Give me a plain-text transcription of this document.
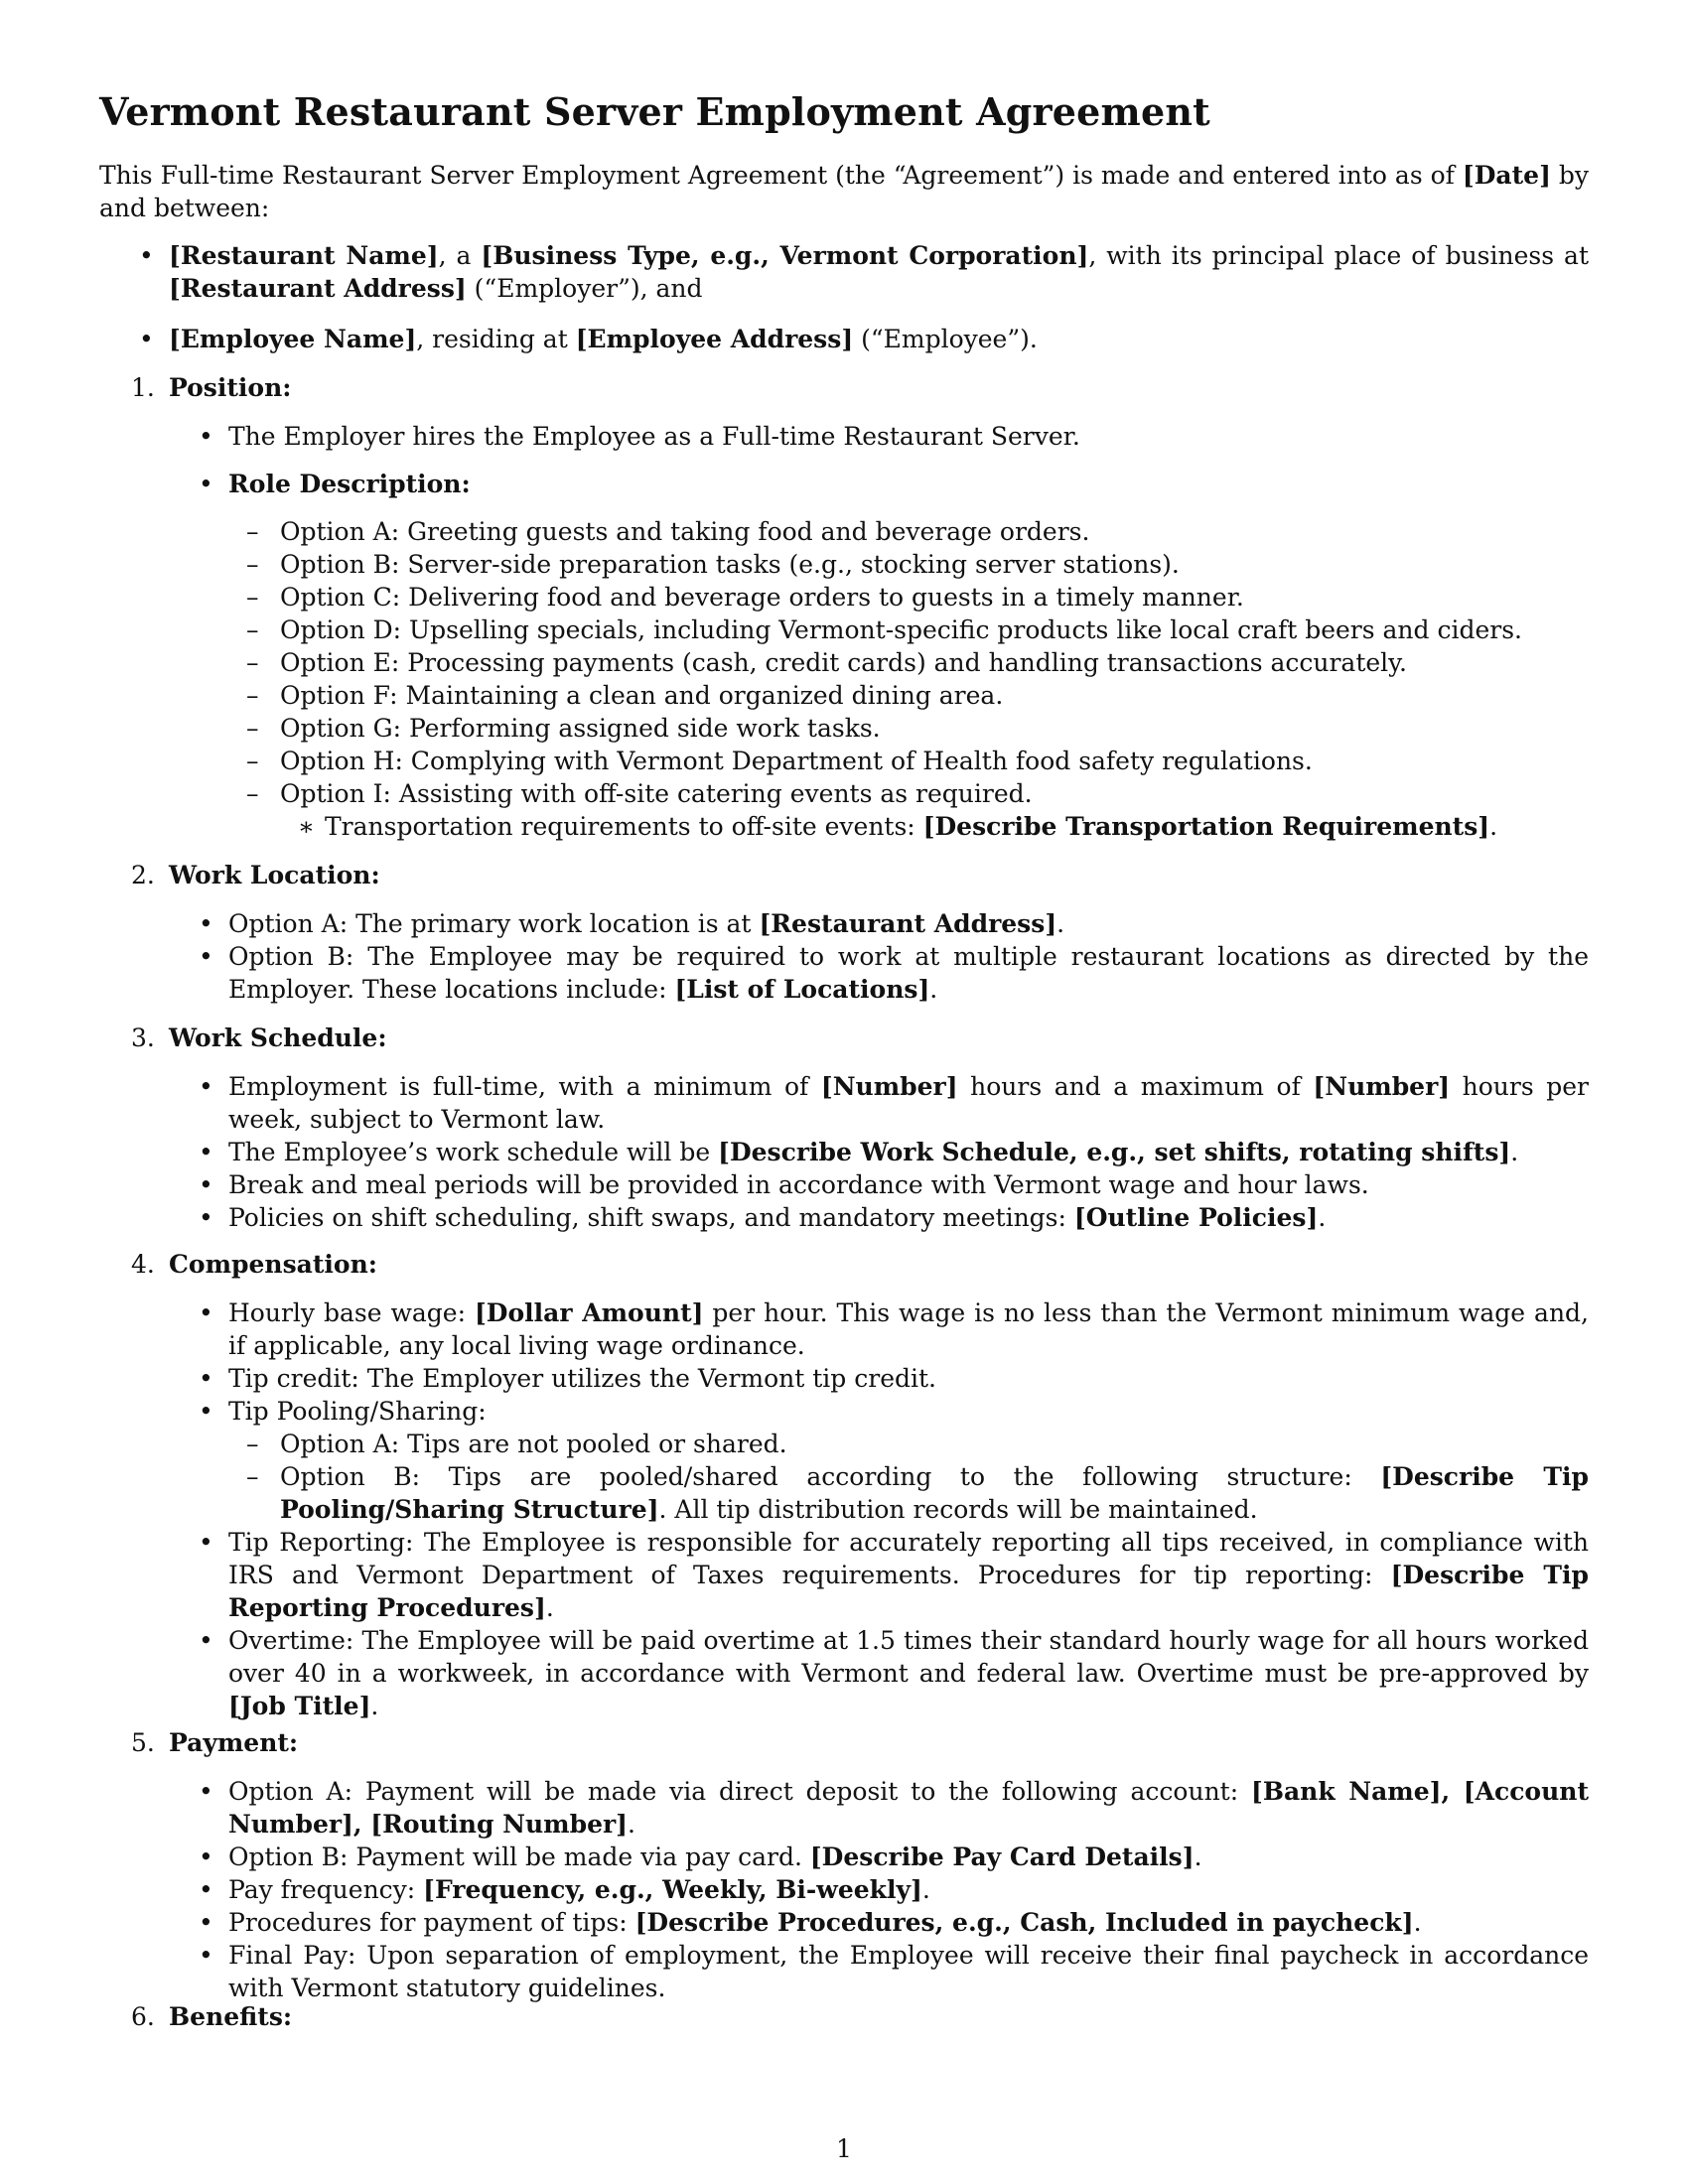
Vermont Restaurant Server Employment Agreement

This Full-time Restaurant Server Employment Agreement (the “Agreement”) is made and entered into as of [Date] by and between:

• [Restaurant Name], a [Business Type, e.g., Vermont Corporation], with its principal place of business at [Restaurant Address] (“Employer”), and
• [Employee Name], residing at [Employee Address] (“Employee”).
1. Position:
• The Employer hires the Employee as a Full-time Restaurant Server.
• Role Description:
– Option A: Greeting guests and taking food and beverage orders.
– Option B: Server-side preparation tasks (e.g., stocking server stations).
– Option C: Delivering food and beverage orders to guests in a timely manner.
– Option D: Upselling specials, including Vermont-specific products like local craft beers and ciders.
– Option E: Processing payments (cash, credit cards) and handling transactions accurately.
– Option F: Maintaining a clean and organized dining area.
– Option G: Performing assigned side work tasks.
– Option H: Complying with Vermont Department of Health food safety regulations.
– Option I: Assisting with off-site catering events as required.
∗ Transportation requirements to off-site events: [Describe Transportation Requirements].
2. Work Location:
• Option A: The primary work location is at [Restaurant Address].
• Option B: The Employee may be required to work at multiple restaurant locations as directed by the Employer. These locations include: [List of Locations].
3. Work Schedule:
• Employment is full-time, with a minimum of [Number] hours and a maximum of [Number] hours per week, subject to Vermont law.
• The Employee’s work schedule will be [Describe Work Schedule, e.g., set shifts, rotating shifts].
• Break and meal periods will be provided in accordance with Vermont wage and hour laws.
• Policies on shift scheduling, shift swaps, and mandatory meetings: [Outline Policies].
4. Compensation:
• Hourly base wage: [Dollar Amount] per hour. This wage is no less than the Vermont minimum wage and, if applicable, any local living wage ordinance.
• Tip credit: The Employer utilizes the Vermont tip credit.
• Tip Pooling/Sharing:
– Option A: Tips are not pooled or shared.
– Option B: Tips are pooled/shared according to the following structure: [Describe Tip Pooling/Sharing Structure]. All tip distribution records will be maintained.
• Tip Reporting: The Employee is responsible for accurately reporting all tips received, in compliance with IRS and Vermont Department of Taxes requirements. Procedures for tip reporting: [Describe Tip Reporting Procedures].
• Overtime: The Employee will be paid overtime at 1.5 times their standard hourly wage for all hours worked over 40 in a workweek, in accordance with Vermont and federal law. Overtime must be pre-approved by [Job Title].
5. Payment:
• Option A: Payment will be made via direct deposit to the following account: [Bank Name], [Account Number], [Routing Number].
• Option B: Payment will be made via pay card. [Describe Pay Card Details].
• Pay frequency: [Frequency, e.g., Weekly, Bi-weekly].
• Procedures for payment of tips: [Describe Procedures, e.g., Cash, Included in paycheck].
• Final Pay: Upon separation of employment, the Employee will receive their final paycheck in accordance with Vermont statutory guidelines.
6. Benefits:
1
